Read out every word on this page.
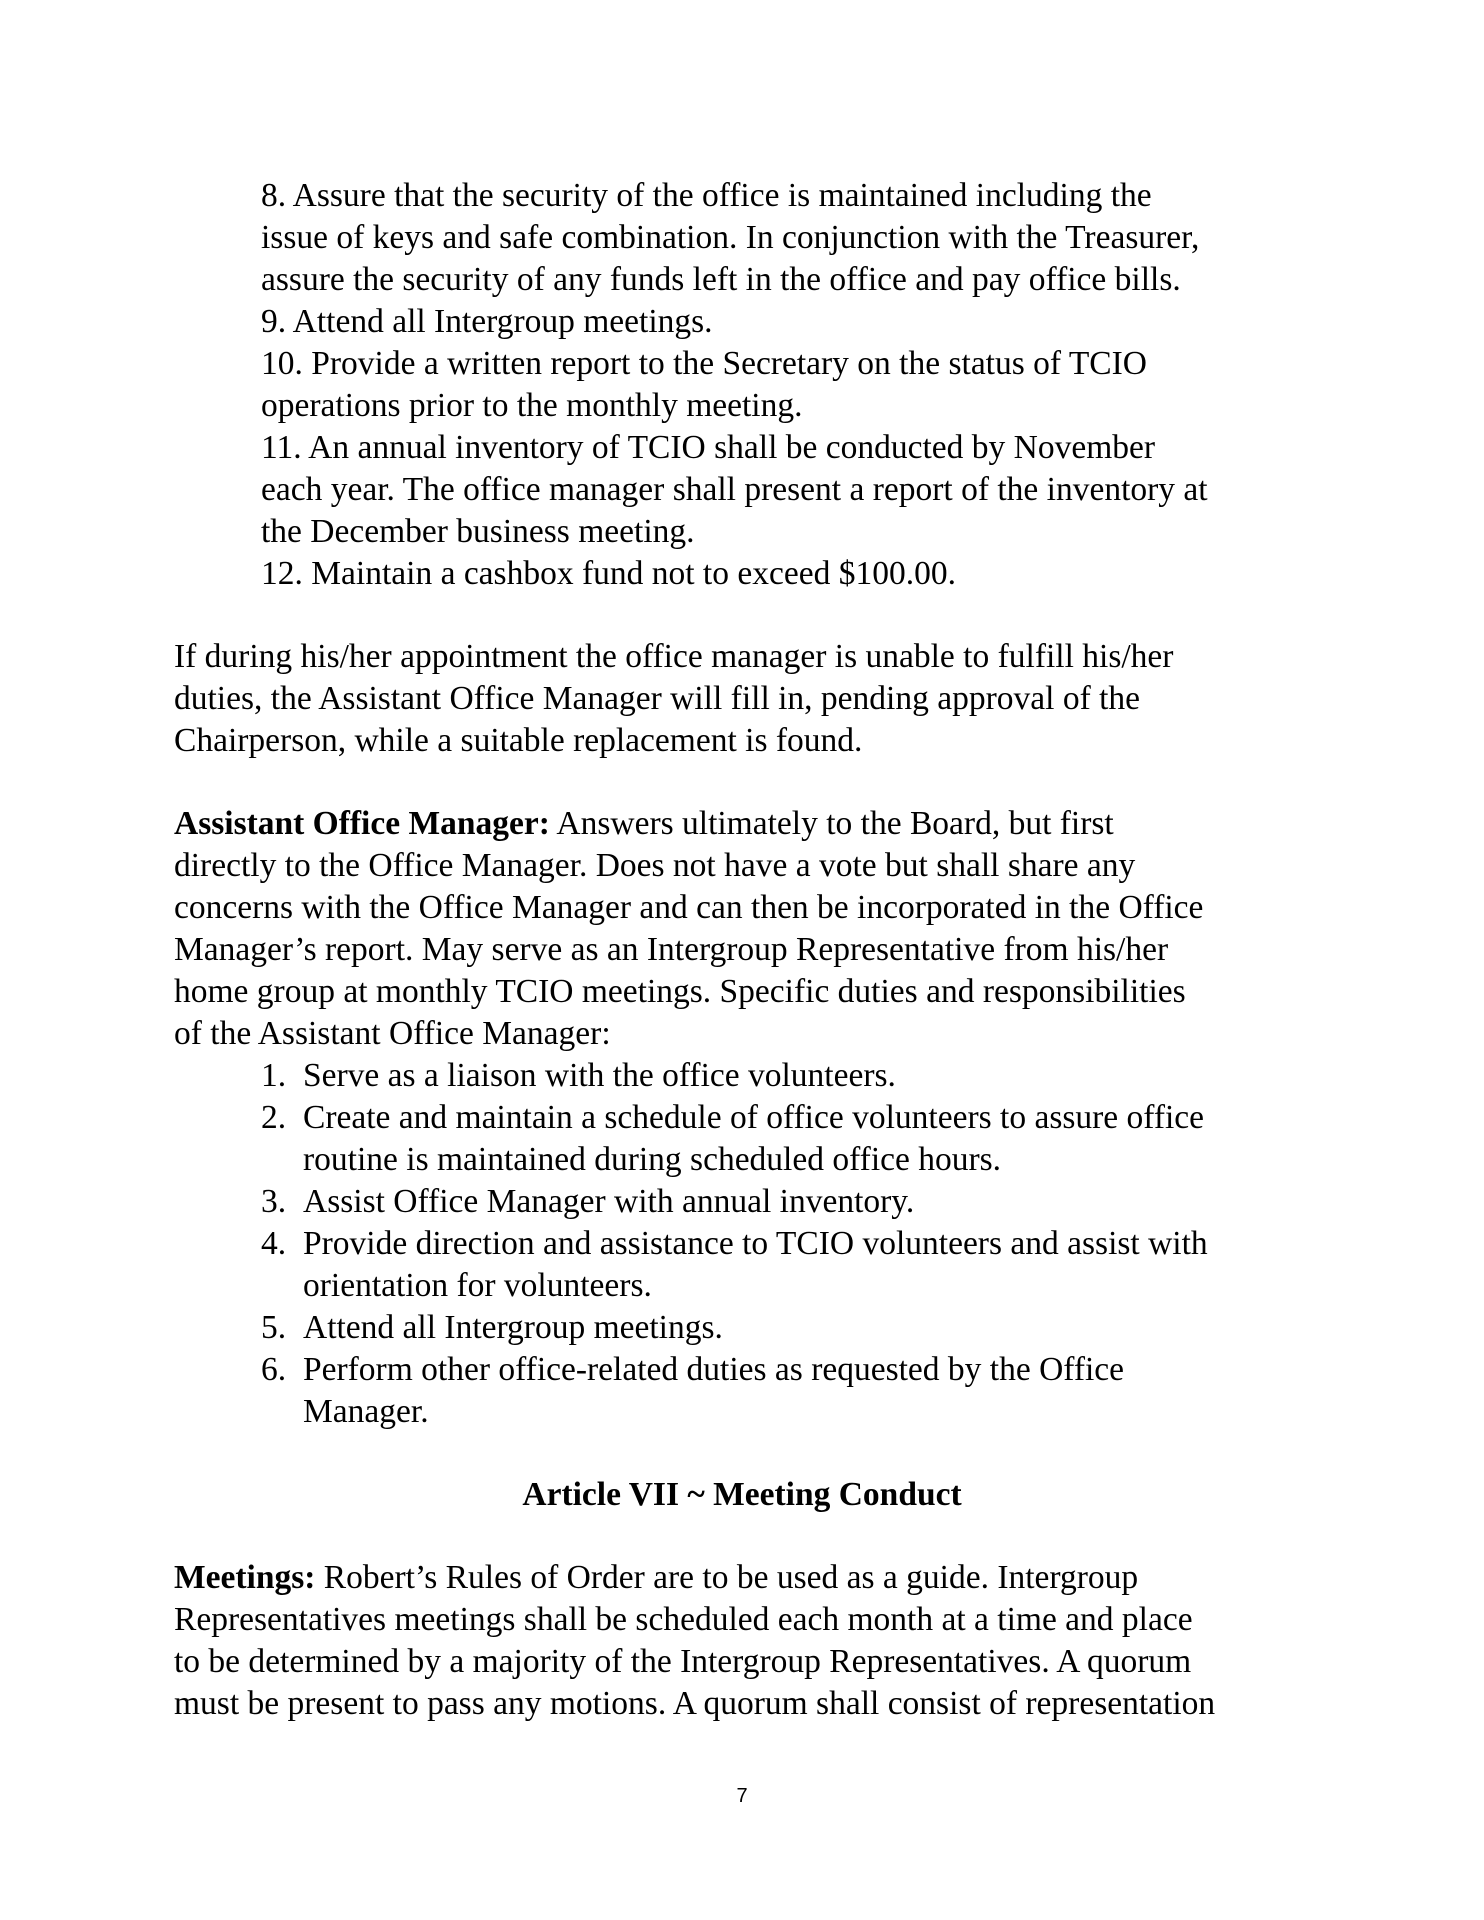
8. Assure that the security of the office is maintained including the
issue of keys and safe combination. In conjunction with the Treasurer,
assure the security of any funds left in the office and pay office bills.
9. Attend all Intergroup meetings.
10. Provide a written report to the Secretary on the status of TCIO
operations prior to the monthly meeting.
11. An annual inventory of TCIO shall be conducted by November
each year. The office manager shall present a report of the inventory at
the December business meeting.
12. Maintain a cashbox fund not to exceed $100.00.
If during his/her appointment the office manager is unable to fulfill his/her
duties, the Assistant Office Manager will fill in, pending approval of the
Chairperson, while a suitable replacement is found.
Assistant Office Manager: Answers ultimately to the Board, but first
directly to the Office Manager. Does not have a vote but shall share any
concerns with the Office Manager and can then be incorporated in the Office
Manager’s report. May serve as an Intergroup Representative from his/her
home group at monthly TCIO meetings. Specific duties and responsibilities
of the Assistant Office Manager:
1. Serve as a liaison with the office volunteers.
2. Create and maintain a schedule of office volunteers to assure office
routine is maintained during scheduled office hours.
3. Assist Office Manager with annual inventory.
4. Provide direction and assistance to TCIO volunteers and assist with
orientation for volunteers.
5. Attend all Intergroup meetings.
6. Perform other office-related duties as requested by the Office
Manager.
Article VII ~ Meeting Conduct
Meetings: Robert’s Rules of Order are to be used as a guide. Intergroup
Representatives meetings shall be scheduled each month at a time and place
to be determined by a majority of the Intergroup Representatives. A quorum
must be present to pass any motions. A quorum shall consist of representation
7
